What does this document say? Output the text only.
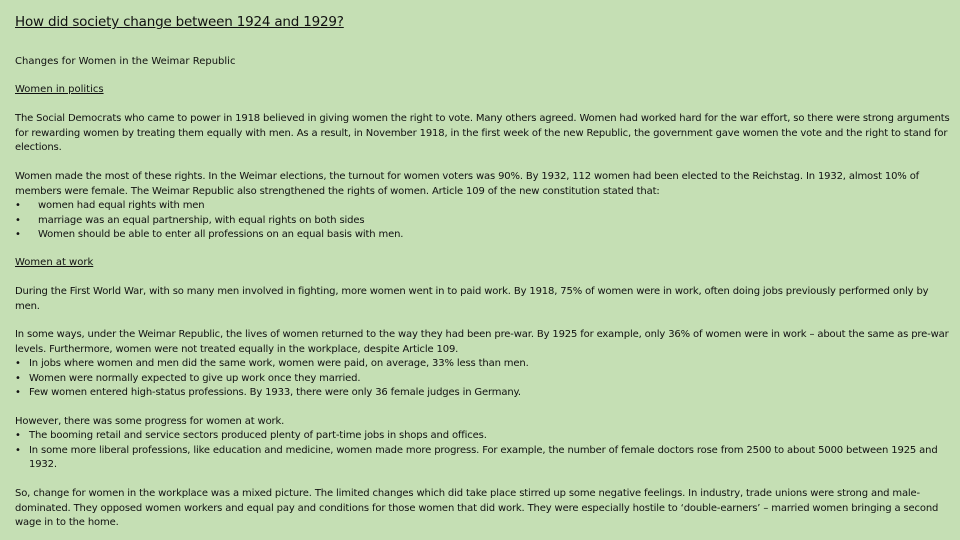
How did society change between 1924 and 1929?

Changes for Women in the Weimar Republic

Women in politics

The Social Democrats who came to power in 1918 believed in giving women the right to vote. Many others agreed. Women had worked hard for the war effort, so there were strong arguments for rewarding women by treating them equally with men. As a result, in November 1918, in the first week of the new Republic, the government gave women the vote and the right to stand for elections.

Women made the most of these rights. In the Weimar elections, the turnout for women voters was 90%. By 1932, 112 women had been elected to the Reichstag. In 1932, almost 10% of members were female. The Weimar Republic also strengthened the rights of women. Article 109 of the new constitution stated that:

• women had equal rights with men
• marriage was an equal partnership, with equal rights on both sides
• Women should be able to enter all professions on an equal basis with men.

Women at work

During the First World War, with so many men involved in fighting, more women went in to paid work. By 1918, 75% of women were in work, often doing jobs previously performed only by men.

In some ways, under the Weimar Republic, the lives of women returned to the way they had been pre-war. By 1925 for example, only 36% of women were in work – about the same as pre-war levels. Furthermore, women were not treated equally in the workplace, despite Article 109.

• In jobs where women and men did the same work, women were paid, on average, 33% less than men.
• Women were normally expected to give up work once they married.
• Few women entered high-status professions. By 1933, there were only 36 female judges in Germany.

However, there was some progress for women at work.

• The booming retail and service sectors produced plenty of part-time jobs in shops and offices.
• In some more liberal professions, like education and medicine, women made more progress. For example, the number of female doctors rose from 2500 to about 5000 between 1925 and 1932.

So, change for women in the workplace was a mixed picture. The limited changes which did take place stirred up some negative feelings. In industry, trade unions were strong and male-dominated. They opposed women workers and equal pay and conditions for those women that did work. They were especially hostile to ‘double-earners’ – married women bringing a second wage in to the home.
